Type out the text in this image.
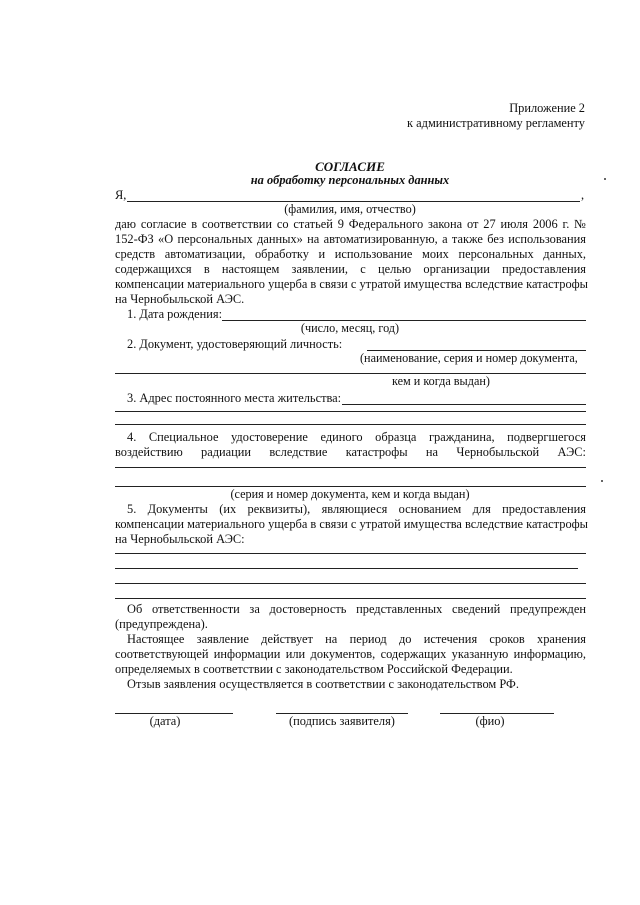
Приложение 2
к административному регламенту
СОГЛАСИЕ
на обработку персональных данных
Я,	,
(фамилия, имя, отчество)
даю согласие в соответствии со статьей 9 Федерального закона от 27 июля 2006 г. №
152-ФЗ «О персональных данных» на автоматизированную, а также без использования
средств автоматизации, обработку и использование моих персональных данных,
содержащихся в настоящем заявлении, с целью организации предоставления
компенсации материального ущерба в связи с утратой имущества вследствие катастрофы
на Чернобыльской АЭС.
1. Дата рождения:
(число, месяц, год)
2. Документ, удостоверяющий личность:
(наименование, серия и номер документа,
кем и когда выдан)
3. Адрес постоянного места жительства:
4. Специальное удостоверение единого образца гражданина, подвергшегося
воздействию радиации вследствие катастрофы на Чернобыльской АЭС:
(серия и номер документа, кем и когда выдан)
5. Документы (их реквизиты), являющиеся основанием для предоставления
компенсации материального ущерба в связи с утратой имущества вследствие катастрофы
на Чернобыльской АЭС:
Об ответственности за достоверность представленных сведений предупрежден
(предупреждена).
Настоящее заявление действует на период до истечения сроков хранения
соответствующей информации или документов, содержащих указанную информацию,
определяемых в соответствии с законодательством Российской Федерации.
Отзыв заявления осуществляется в соответствии с законодательством РФ.
(дата)	(подпись заявителя)	(фио)
